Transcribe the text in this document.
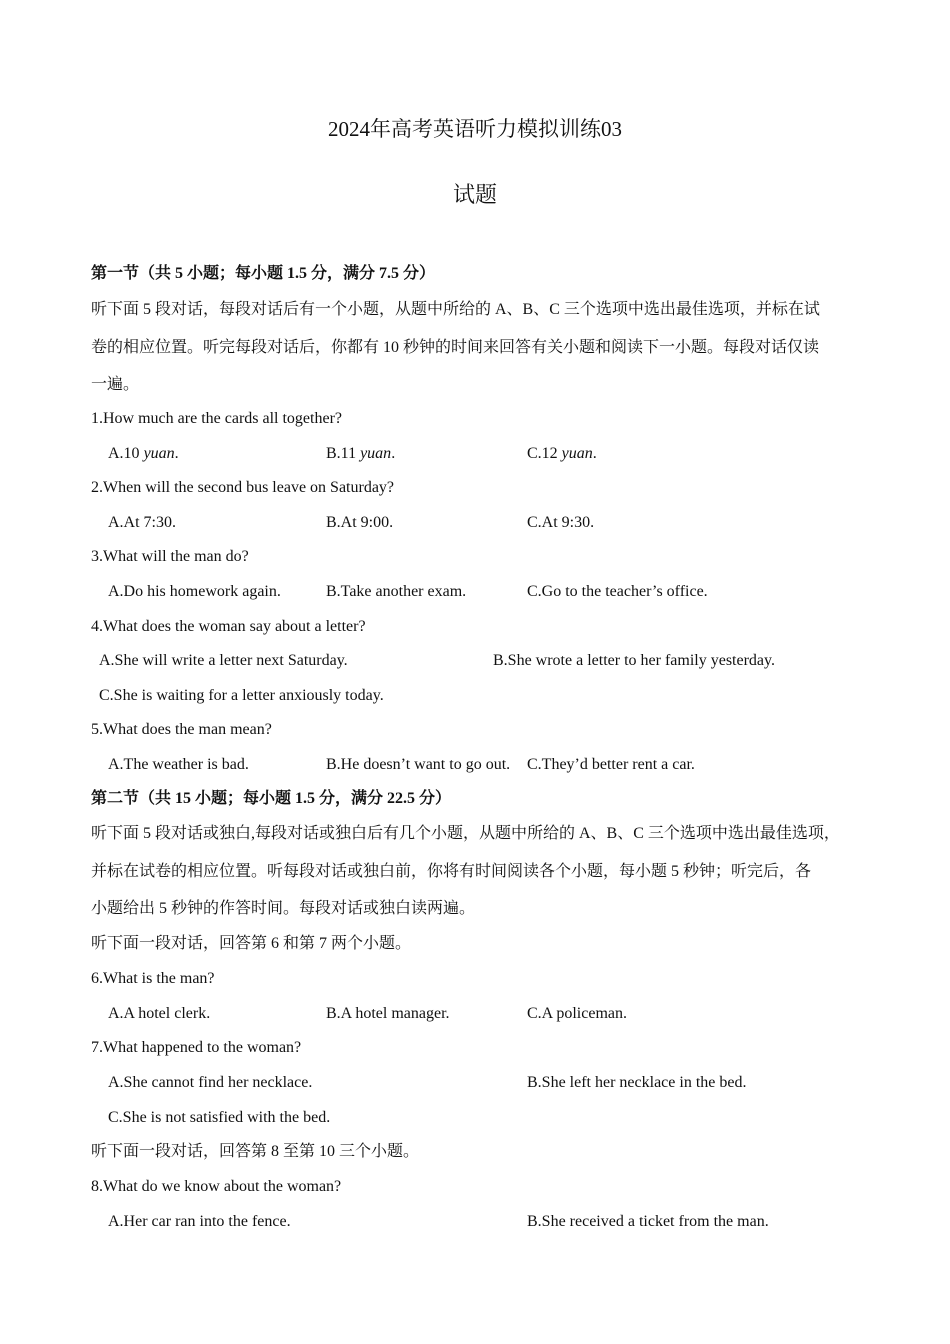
2024年高考英语听力模拟训练03
试题
第一节（共 5 小题；每小题 1.5 分，满分 7.5 分）
听下面 5 段对话，每段对话后有一个小题，从题中所给的 A、B、C 三个选项中选出最佳选项，并标在试
卷的相应位置。听完每段对话后，你都有 10 秒钟的时间来回答有关小题和阅读下一小题。每段对话仅读
一遍。
1.How much are the cards all together?
A.10 yuan.	B.11 yuan.	C.12 yuan.
2.When will the second bus leave on Saturday?
A.At 7:30.	B.At 9:00.	C.At 9:30.
3.What will the man do?
A.Do his homework again.	B.Take another exam.	C.Go to the teacher’s office.
4.What does the woman say about a letter?
A.She will write a letter next Saturday.	B.She wrote a letter to her family yesterday.
C.She is waiting for a letter anxiously today.
5.What does the man mean?
A.The weather is bad.	B.He doesn’t want to go out. C.They’d better rent a car.
第二节（共 15 小题；每小题 1.5 分，满分 22.5 分）
听下面 5 段对话或独白,每段对话或独白后有几个小题，从题中所给的 A、B、C 三个选项中选出最佳选项，
并标在试卷的相应位置。听每段对话或独白前，你将有时间阅读各个小题，每小题 5 秒钟；听完后，各
小题给出 5 秒钟的作答时间。每段对话或独白读两遍。
听下面一段对话，回答第 6 和第 7 两个小题。
6.What is the man?
A.A hotel clerk.	B.A hotel manager.	C.A policeman.
7.What happened to the woman?
A.She cannot find her necklace.	B.She left her necklace in the bed.
C.She is not satisfied with the bed.
听下面一段对话，回答第 8 至第 10 三个小题。
8.What do we know about the woman?
A.Her car ran into the fence.	B.She received a ticket from the man.
